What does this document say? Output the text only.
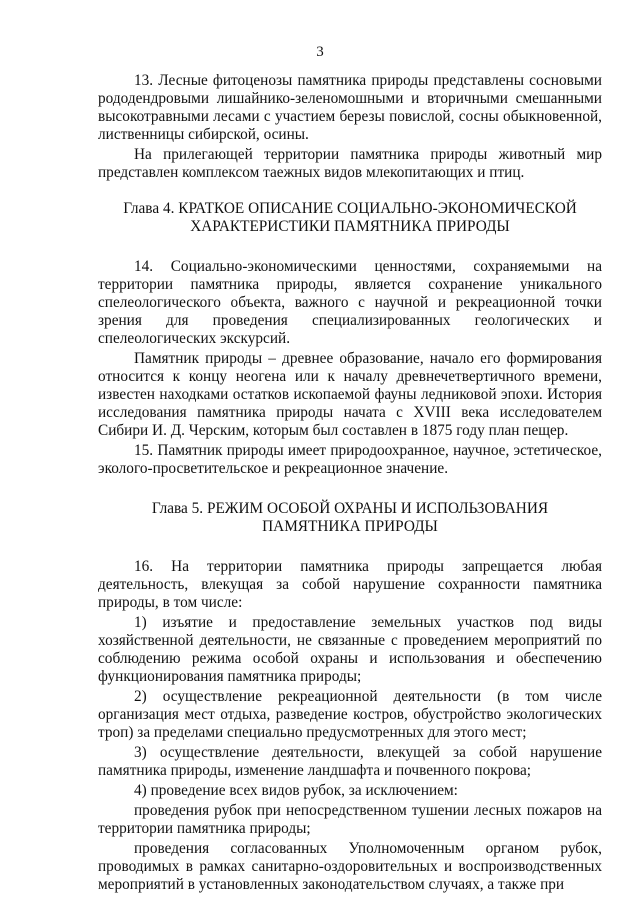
3

13. Лесные фитоценозы памятника природы представлены сосновыми рододендровыми лишайнико-зеленомошными и вторичными смешанными высокотравными лесами с участием березы повислой, сосны обыкновенной, лиственницы сибирской, осины.

На прилегающей территории памятника природы животный мир представлен комплексом таежных видов млекопитающих и птиц.

Глава 4. КРАТКОЕ ОПИСАНИЕ СОЦИАЛЬНО-ЭКОНОМИЧЕСКОЙ ХАРАКТЕРИСТИКИ ПАМЯТНИКА ПРИРОДЫ

14. Социально-экономическими ценностями, сохраняемыми на территории памятника природы, является сохранение уникального спелеологического объекта, важного с научной и рекреационной точки зрения для проведения специализированных геологических и спелеологических экскурсий.

Памятник природы – древнее образование, начало его формирования относится к концу неогена или к началу древнечетвертичного времени, известен находками остатков ископаемой фауны ледниковой эпохи. История исследования памятника природы начата с XVIII века исследователем Сибири И. Д. Черским, которым был составлен в 1875 году план пещер.

15. Памятник природы имеет природоохранное, научное, эстетическое, эколого-просветительское и рекреационное значение.

Глава 5. РЕЖИМ ОСОБОЙ ОХРАНЫ И ИСПОЛЬЗОВАНИЯ ПАМЯТНИКА ПРИРОДЫ

16. На территории памятника природы запрещается любая деятельность, влекущая за собой нарушение сохранности памятника природы, в том числе:

1) изъятие и предоставление земельных участков под виды хозяйственной деятельности, не связанные с проведением мероприятий по соблюдению режима особой охраны и использования и обеспечению функционирования памятника природы;

2) осуществление рекреационной деятельности (в том числе организация мест отдыха, разведение костров, обустройство экологических троп) за пределами специально предусмотренных для этого мест;

3) осуществление деятельности, влекущей за собой нарушение памятника природы, изменение ландшафта и почвенного покрова;

4) проведение всех видов рубок, за исключением:

проведения рубок при непосредственном тушении лесных пожаров на территории памятника природы;

проведения согласованных Уполномоченным органом рубок, проводимых в рамках санитарно-оздоровительных и воспроизводственных мероприятий в установленных законодательством случаях, а также при
